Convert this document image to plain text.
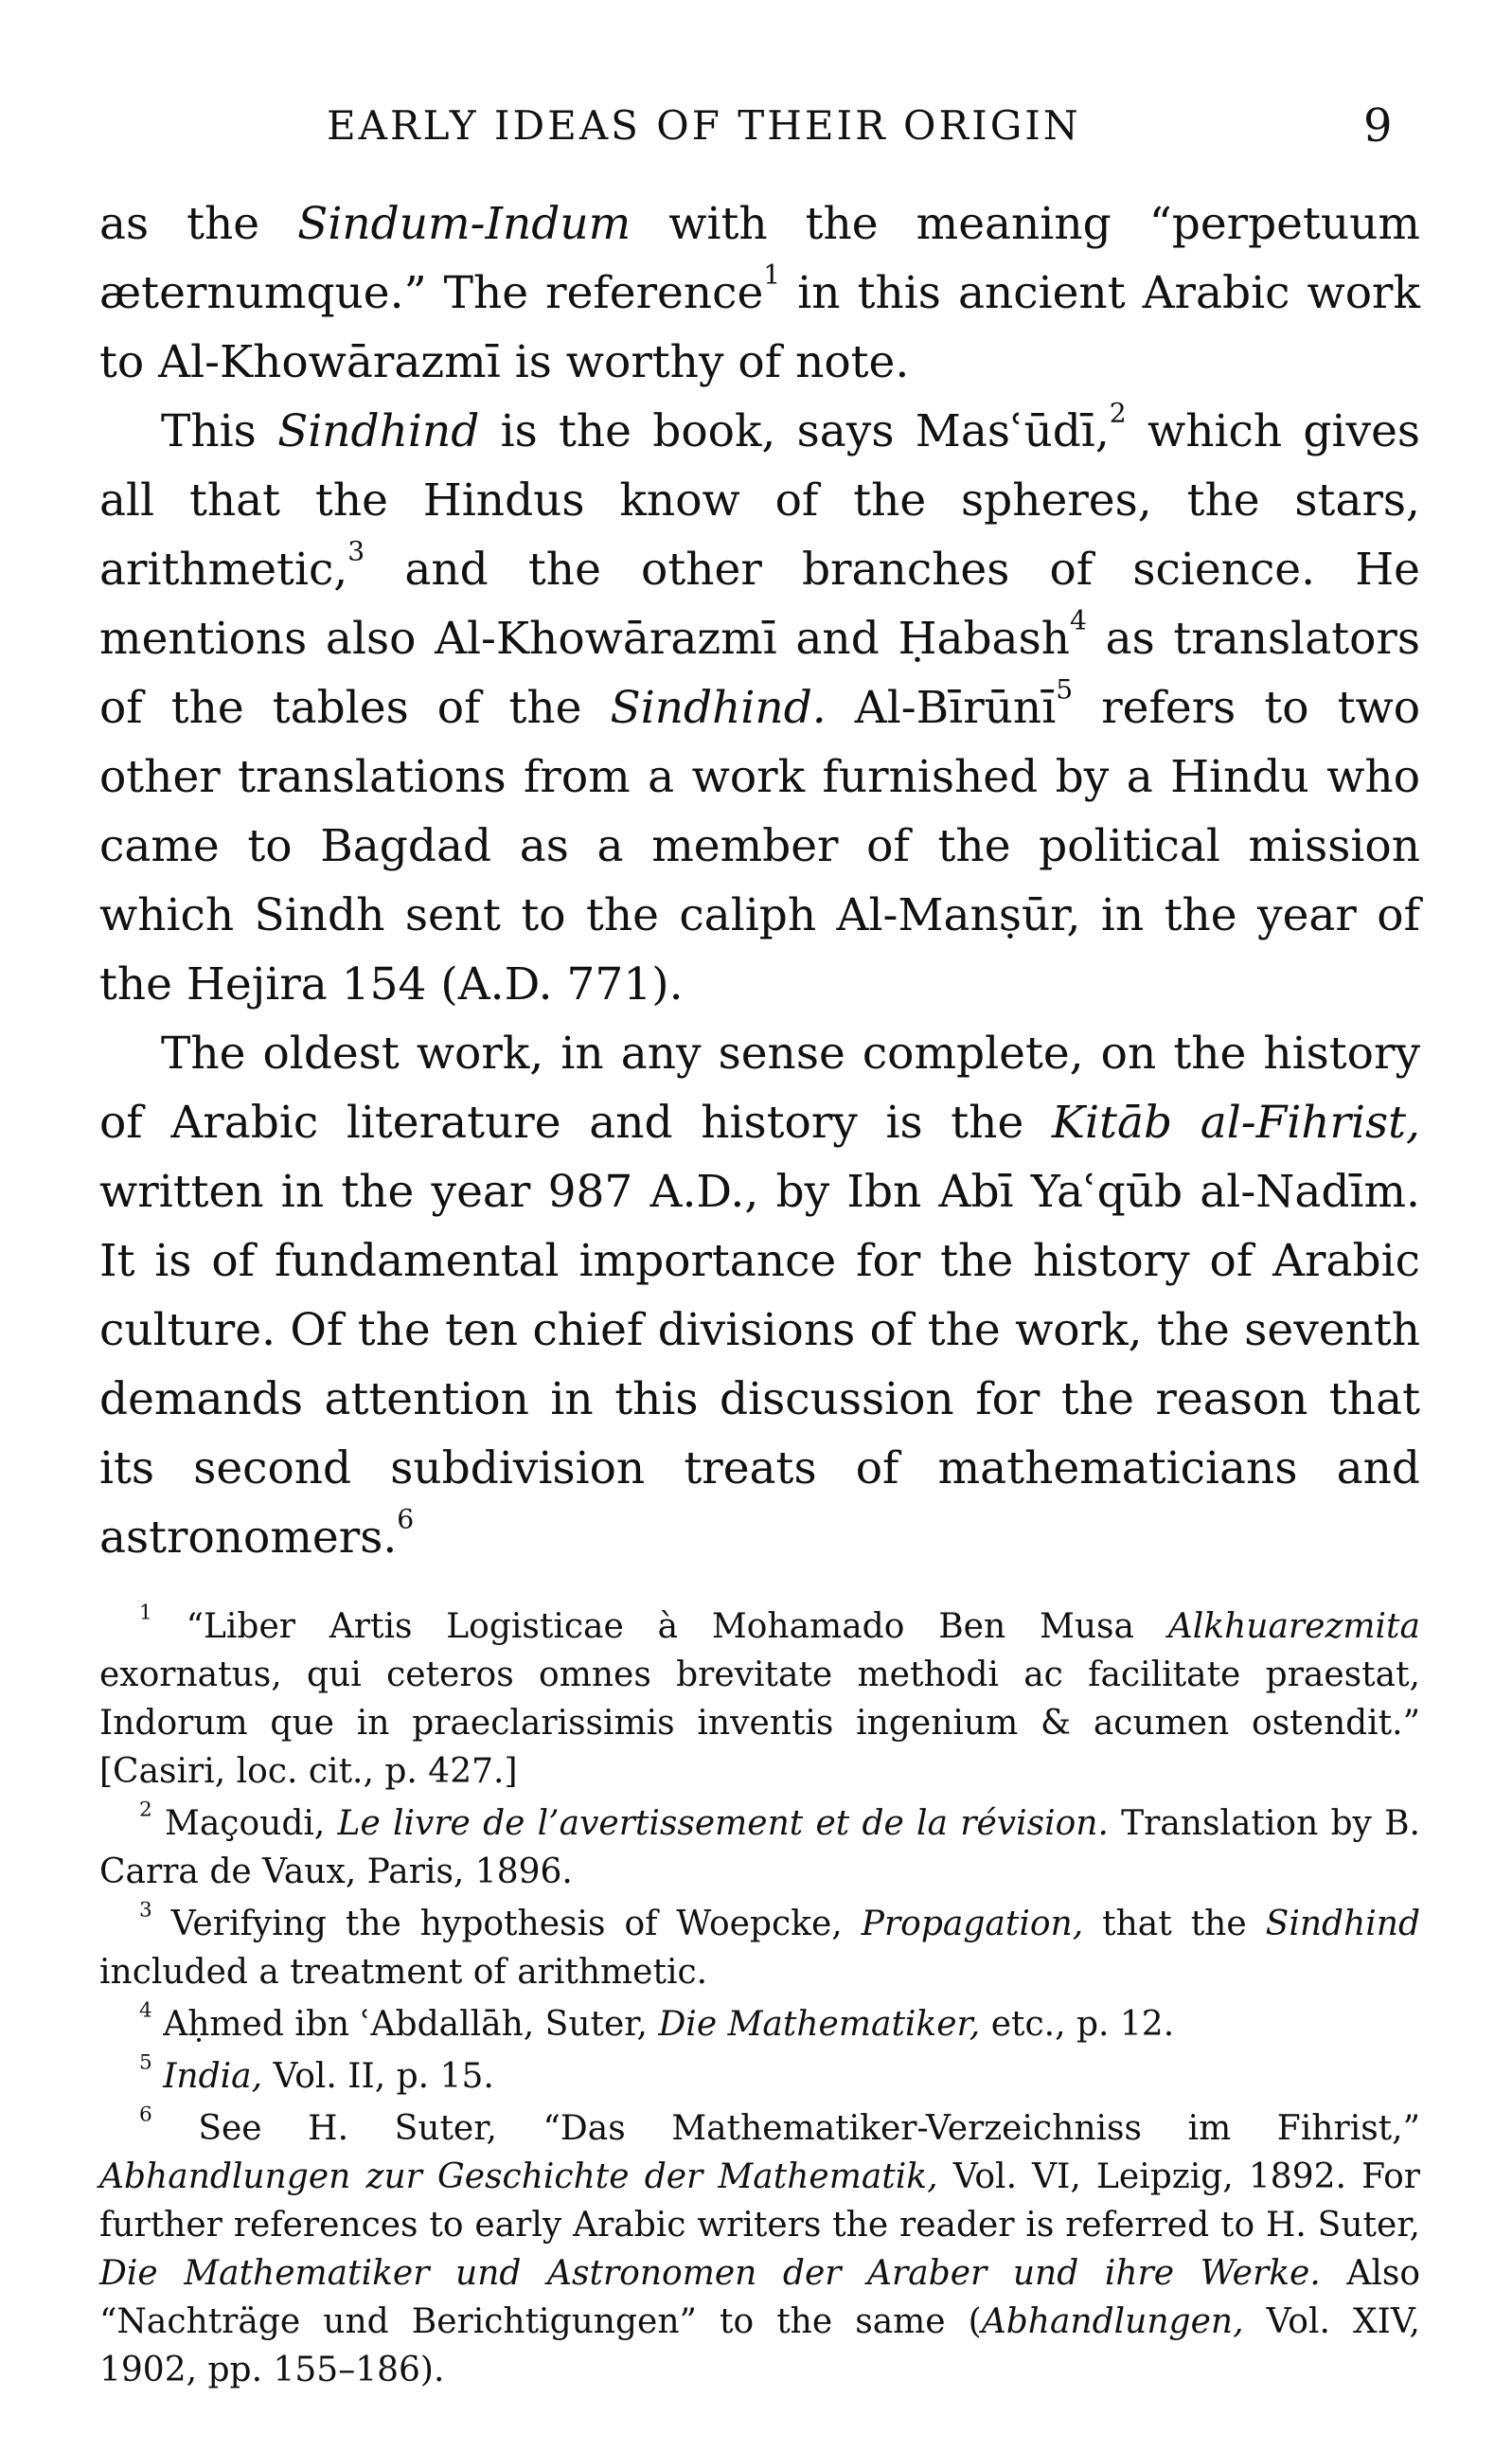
EARLY IDEAS OF THEIR ORIGIN	9

as the Sindum-Indum with the meaning “perpetuum æternumque.” The reference$^1$ in this ancient Arabic work to Al-Khowārazmī is worthy of note.

This Sindhind is the book, says Masʿūdī,$^2$ which gives all that the Hindus know of the spheres, the stars, arithmetic,$^3$ and the other branches of science. He mentions also Al-Khowārazmī and Ḥabash$^4$ as translators of the tables of the Sindhind. Al-Bīrūnī$^5$ refers to two other translations from a work furnished by a Hindu who came to Bagdad as a member of the political mission which Sindh sent to the caliph Al-Manṣūr, in the year of the Hejira 154 (A.D. 771).

The oldest work, in any sense complete, on the history of Arabic literature and history is the Kitāb al-Fihrist, written in the year 987 A.D., by Ibn Abī Yaʿqūb al-Nadīm. It is of fundamental importance for the history of Arabic culture. Of the ten chief divisions of the work, the seventh demands attention in this discussion for the reason that its second subdivision treats of mathematicians and astronomers.$^6$

$^1$ “Liber Artis Logisticae à Mohamado Ben Musa Alkhuarezmita exornatus, qui ceteros omnes brevitate methodi ac facilitate praestat, Indorum que in praeclarissimis inventis ingenium & acumen ostendit.” [Casiri, loc. cit., p. 427.]

$^2$ Maçoudi, Le livre de l’avertissement et de la révision. Translation by B. Carra de Vaux, Paris, 1896.

$^3$ Verifying the hypothesis of Woepcke, Propagation, that the Sindhind included a treatment of arithmetic.

$^4$ Aḥmed ibn ʿAbdallāh, Suter, Die Mathematiker, etc., p. 12.

$^5$ India, Vol. II, p. 15.

$^6$ See H. Suter, “Das Mathematiker-Verzeichniss im Fihrist,” Abhandlungen zur Geschichte der Mathematik, Vol. VI, Leipzig, 1892. For further references to early Arabic writers the reader is referred to H. Suter, Die Mathematiker und Astronomen der Araber und ihre Werke. Also “Nachträge und Berichtigungen” to the same (Abhandlungen, Vol. XIV, 1902, pp. 155–186).
